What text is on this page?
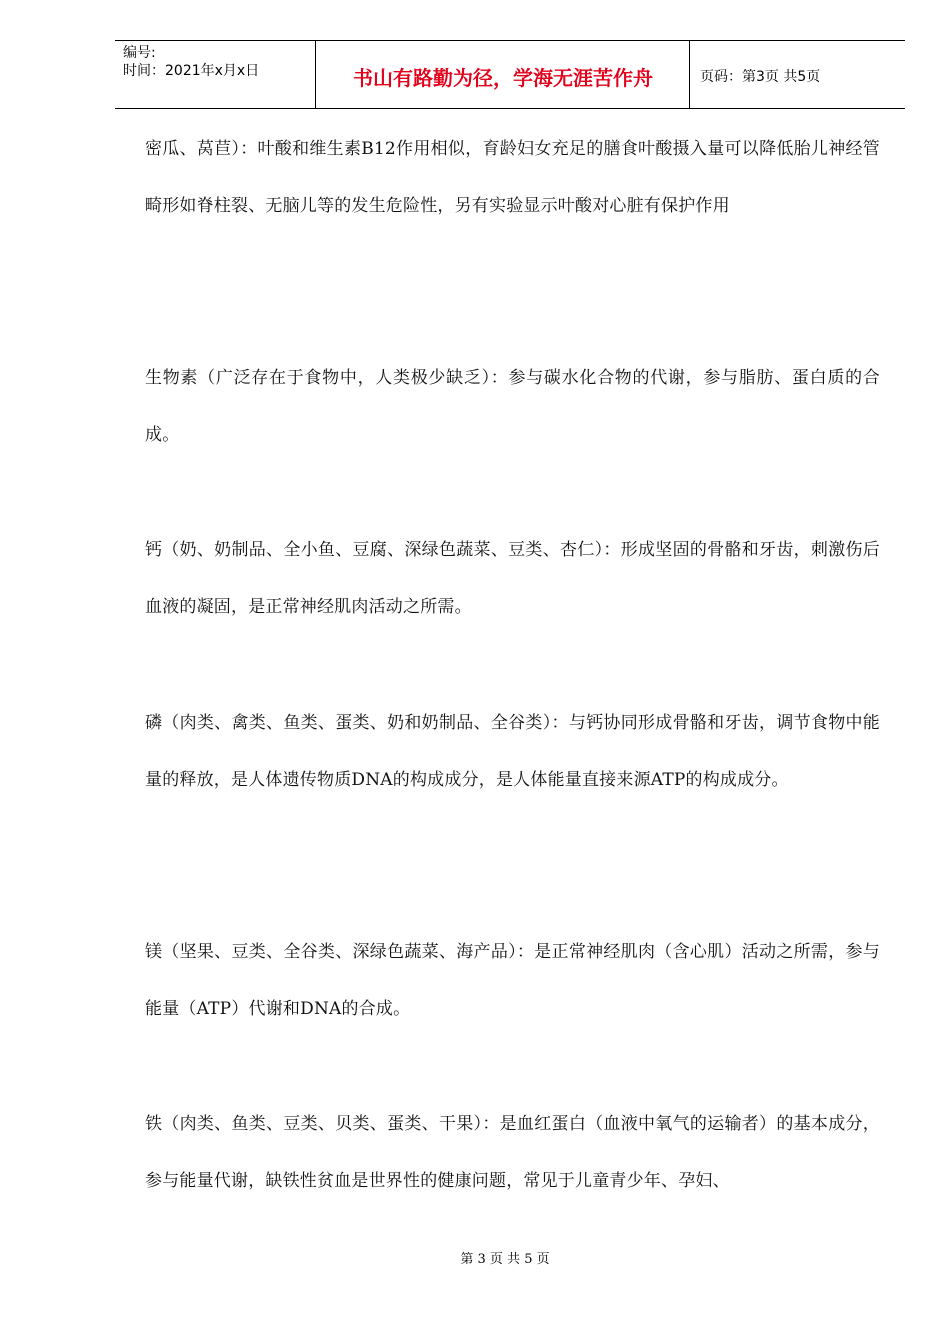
编号:
时间：2021年x月x日	书山有路勤为径，学海无涯苦作舟	页码：第3页 共5页
密瓜、莴苣）：叶酸和维生素B12作用相似，育龄妇女充足的膳食叶酸摄入量可以降低胎儿神经管畸形如脊柱裂、无脑儿等的发生危险性，另有实验显示叶酸对心脏有保护作用
生物素（广泛存在于食物中，人类极少缺乏）：参与碳水化合物的代谢，参与脂肪、蛋白质的合成。
钙（奶、奶制品、全小鱼、豆腐、深绿色蔬菜、豆类、杏仁）：形成坚固的骨骼和牙齿，刺激伤后血液的凝固，是正常神经肌肉活动之所需。
磷（肉类、禽类、鱼类、蛋类、奶和奶制品、全谷类）：与钙协同形成骨骼和牙齿，调节食物中能量的释放，是人体遗传物质DNA的构成成分，是人体能量直接来源ATP的构成成分。
镁（坚果、豆类、全谷类、深绿色蔬菜、海产品）：是正常神经肌肉（含心肌）活动之所需，参与能量（ATP）代谢和DNA的合成。
铁（肉类、鱼类、豆类、贝类、蛋类、干果）：是血红蛋白（血液中氧气的运输者）的基本成分，参与能量代谢，缺铁性贫血是世界性的健康问题，常见于儿童青少年、孕妇、
第 3 页 共 5 页
